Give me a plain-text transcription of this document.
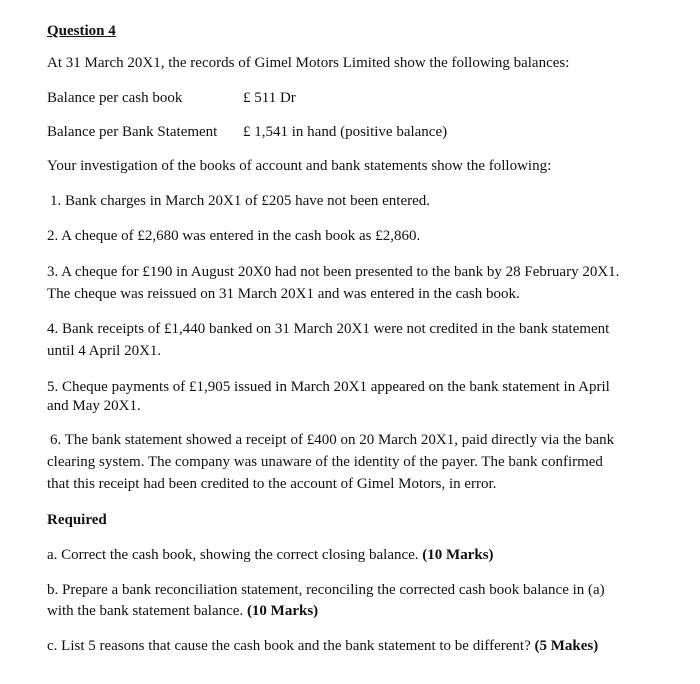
Question 4
At 31 March 20X1, the records of Gimel Motors Limited show the following balances:
Balance per cash book	£ 511 Dr
Balance per Bank Statement £ 1,541 in hand (positive balance)
Your investigation of the books of account and bank statements show the following:
1. Bank charges in March 20X1 of £205 have not been entered.
2. A cheque of £2,680 was entered in the cash book as £2,860.
3. A cheque for £190 in August 20X0 had not been presented to the bank by 28 February 20X1.
The cheque was reissued on 31 March 20X1 and was entered in the cash book.
4. Bank receipts of £1,440 banked on 31 March 20X1 were not credited in the bank statement
until 4 April 20X1.
5. Cheque payments of £1,905 issued in March 20X1 appeared on the bank statement in April
and May 20X1.
6. The bank statement showed a receipt of £400 on 20 March 20X1, paid directly via the bank
clearing system. The company was unaware of the identity of the payer. The bank confirmed
that this receipt had been credited to the account of Gimel Motors, in error.
Required
a. Correct the cash book, showing the correct closing balance. (10 Marks)
b. Prepare a bank reconciliation statement, reconciling the corrected cash book balance in (a)
with the bank statement balance. (10 Marks)
c. List 5 reasons that cause the cash book and the bank statement to be different? (5 Makes)
